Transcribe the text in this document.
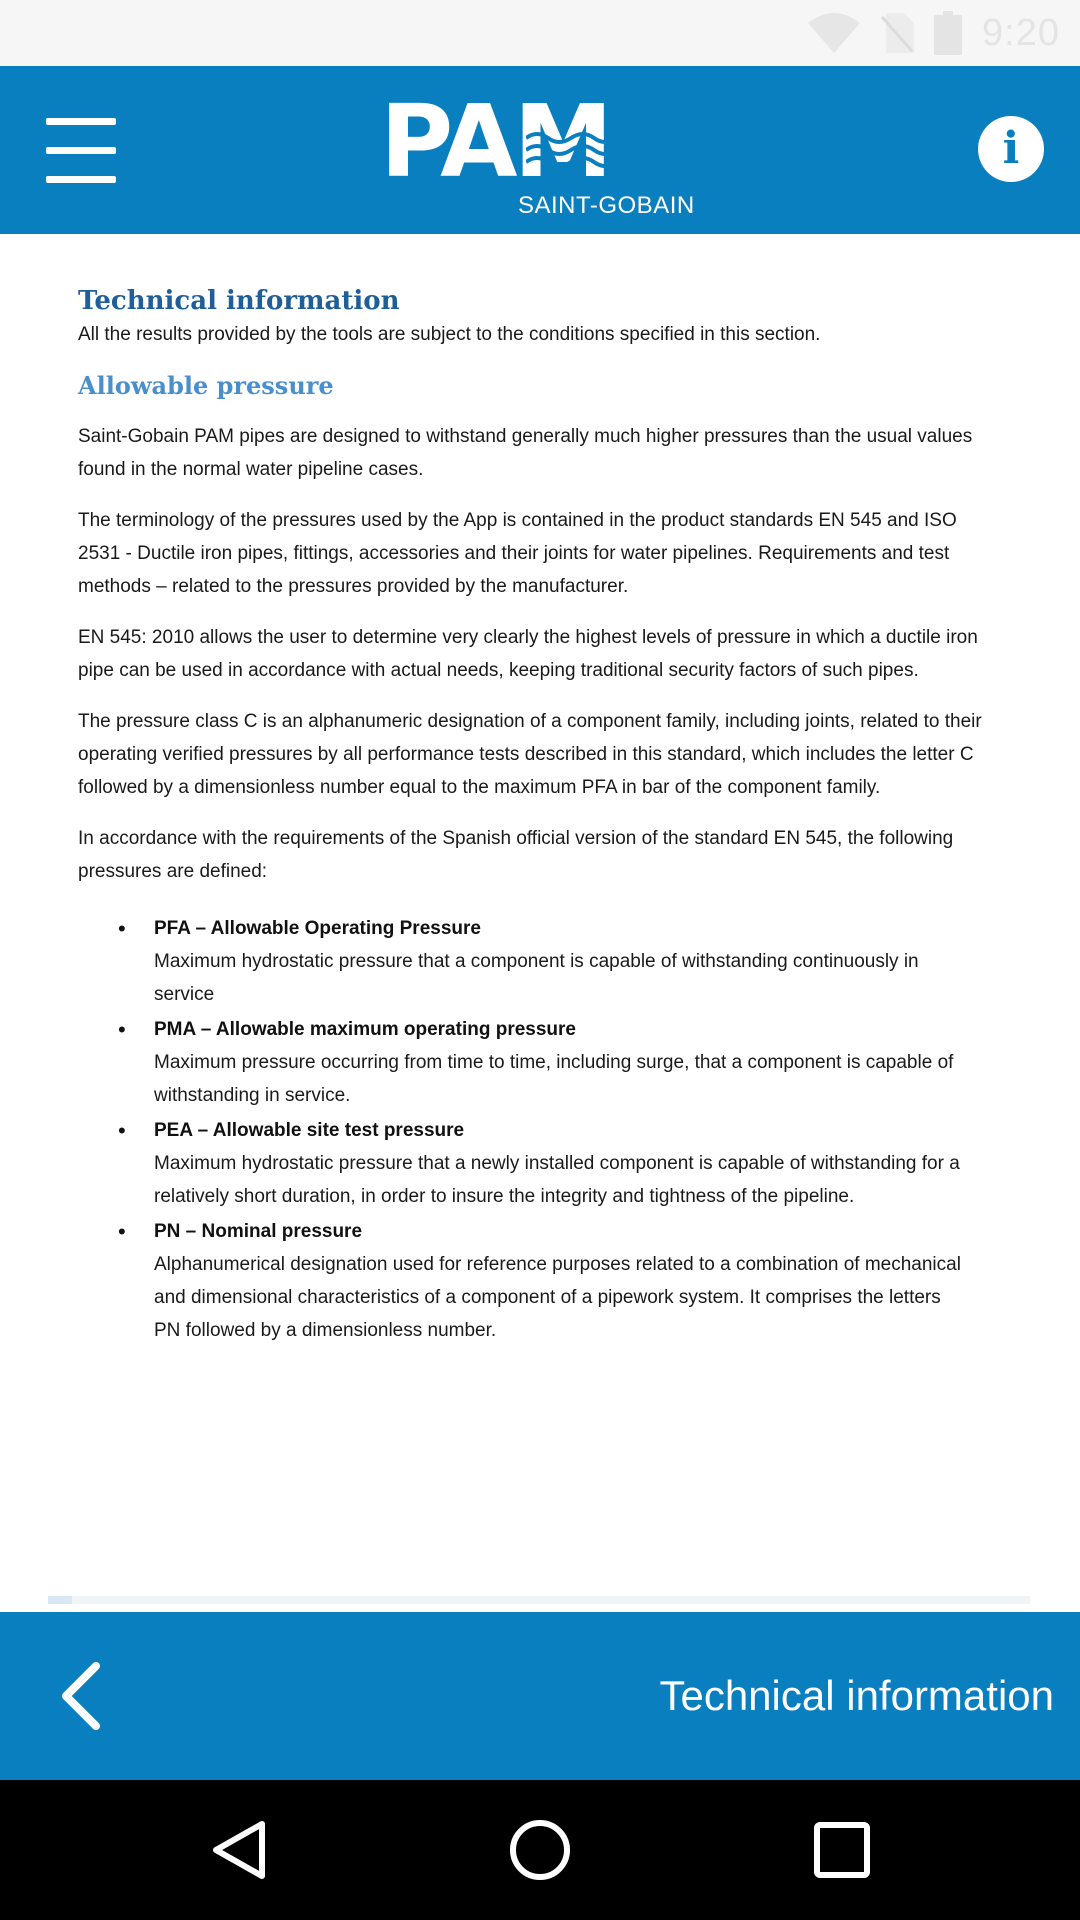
9:20
PAM
SAINT-GOBAIN
i
Technical information

All the results provided by the tools are subject to the conditions specified in this section.

Allowable pressure

Saint-Gobain PAM pipes are designed to withstand generally much higher pressures than the usual values found in the normal water pipeline cases.

The terminology of the pressures used by the App is contained in the product standards EN 545 and ISO 2531 - Ductile iron pipes, fittings, accessories and their joints for water pipelines. Requirements and test methods – related to the pressures provided by the manufacturer.

EN 545: 2010 allows the user to determine very clearly the highest levels of pressure in which a ductile iron pipe can be used in accordance with actual needs, keeping traditional security factors of such pipes.

The pressure class C is an alphanumeric designation of a component family, including joints, related to their operating verified pressures by all performance tests described in this standard, which includes the letter C followed by a dimensionless number equal to the maximum PFA in bar of the component family.

In accordance with the requirements of the Spanish official version of the standard EN 545, the following pressures are defined:

• PFA – Allowable Operating Pressure
Maximum hydrostatic pressure that a component is capable of withstanding continuously in service
• PMA – Allowable maximum operating pressure
Maximum pressure occurring from time to time, including surge, that a component is capable of withstanding in service.
• PEA – Allowable site test pressure
Maximum hydrostatic pressure that a newly installed component is capable of withstanding for a relatively short duration, in order to insure the integrity and tightness of the pipeline.
• PN – Nominal pressure
Alphanumerical designation used for reference purposes related to a combination of mechanical and dimensional characteristics of a component of a pipework system. It comprises the letters PN followed by a dimensionless number.
Technical information
